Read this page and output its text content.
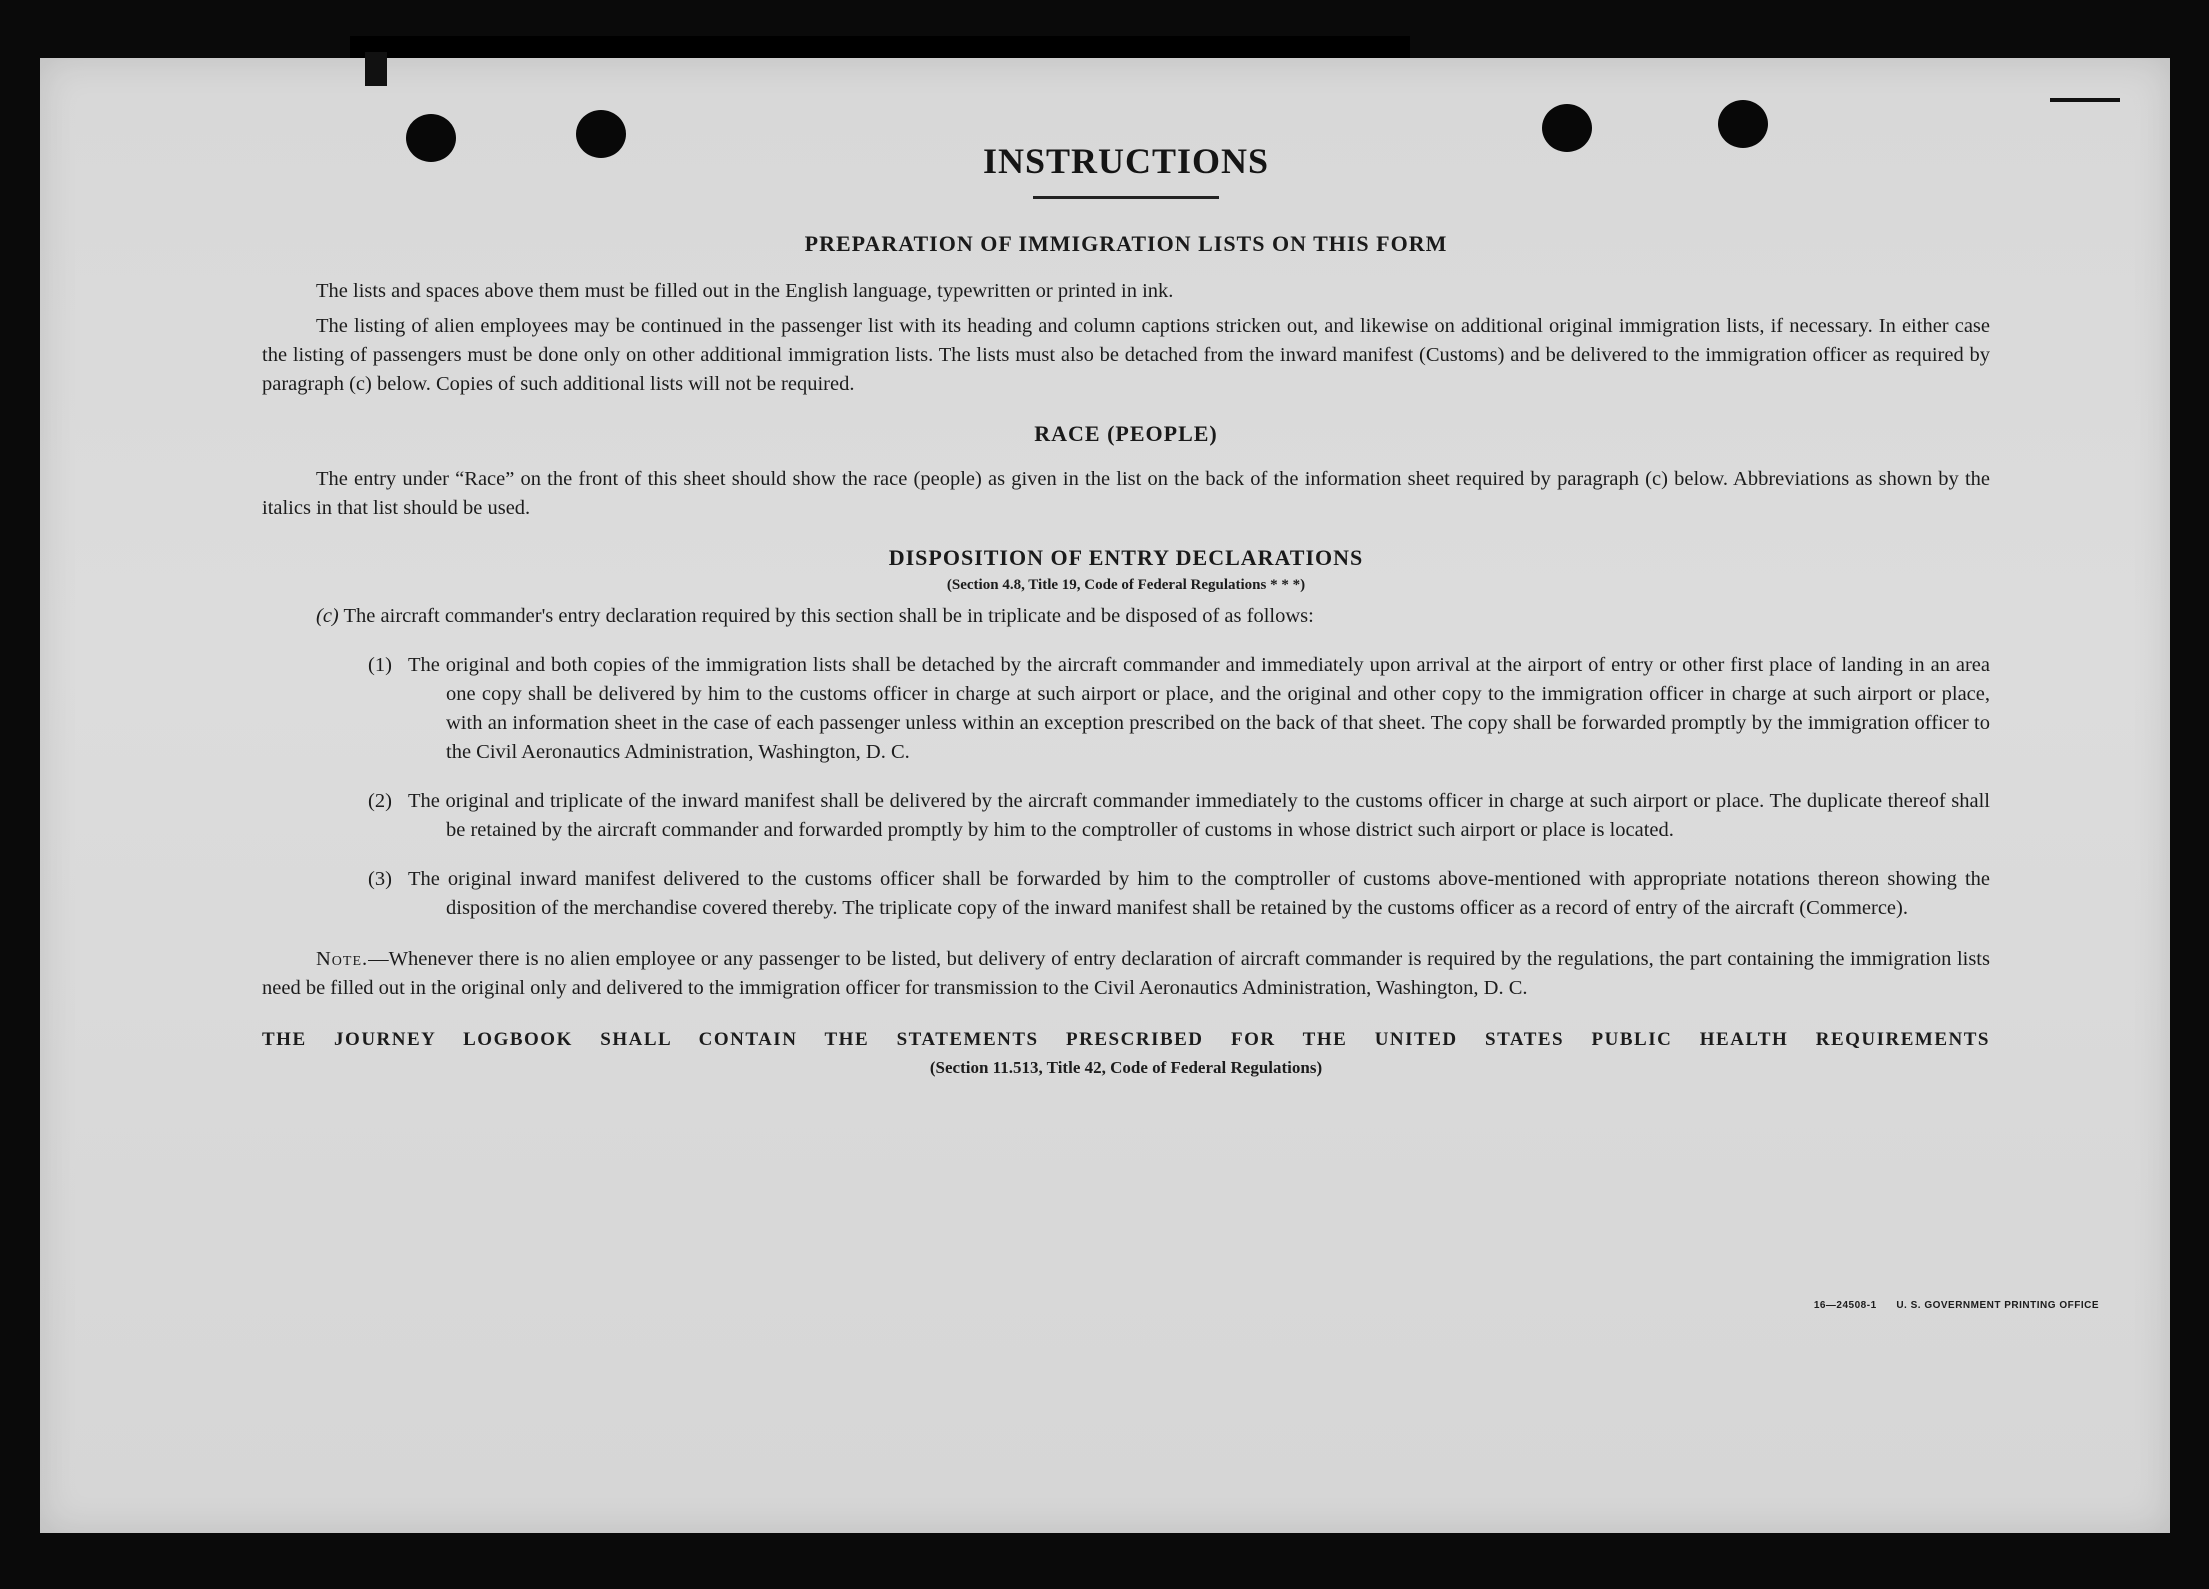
INSTRUCTIONS
PREPARATION OF IMMIGRATION LISTS ON THIS FORM

The lists and spaces above them must be filled out in the English language, typewritten or printed in ink.

The listing of alien employees may be continued in the passenger list with its heading and column captions stricken out, and likewise on additional original immigration lists, if necessary. In either case the listing of passengers must be done only on other additional immigration lists. The lists must also be detached from the inward manifest (Customs) and be delivered to the immigration officer as required by paragraph (c) below. Copies of such additional lists will not be required.

RACE (PEOPLE)

The entry under “Race” on the front of this sheet should show the race (people) as given in the list on the back of the information sheet required by paragraph (c) below. Abbreviations as shown by the italics in that list should be used.

DISPOSITION OF ENTRY DECLARATIONS
(Section 4.8, Title 19, Code of Federal Regulations * * *)

(c) The aircraft commander's entry declaration required by this section shall be in triplicate and be disposed of as follows:

(1) The original and both copies of the immigration lists shall be detached by the aircraft commander and immediately upon arrival at the airport of entry or other first place of landing in an area one copy shall be delivered by him to the customs officer in charge at such airport or place, and the original and other copy to the immigration officer in charge at such airport or place, with an information sheet in the case of each passenger unless within an exception prescribed on the back of that sheet. The copy shall be forwarded promptly by the immigration officer to the Civil Aeronautics Administration, Washington, D. C.

(2) The original and triplicate of the inward manifest shall be delivered by the aircraft commander immediately to the customs officer in charge at such airport or place. The duplicate thereof shall be retained by the aircraft commander and forwarded promptly by him to the comptroller of customs in whose district such airport or place is located.

(3) The original inward manifest delivered to the customs officer shall be forwarded by him to the comptroller of customs above-mentioned with appropriate notations thereon showing the disposition of the merchandise covered thereby. The triplicate copy of the inward manifest shall be retained by the customs officer as a record of entry of the aircraft (Commerce).

Note.—Whenever there is no alien employee or any passenger to be listed, but delivery of entry declaration of aircraft commander is required by the regulations, the part containing the immigration lists need be filled out in the original only and delivered to the immigration officer for transmission to the Civil Aeronautics Administration, Washington, D. C.

THE JOURNEY LOGBOOK SHALL CONTAIN THE STATEMENTS PRESCRIBED FOR THE UNITED STATES PUBLIC HEALTH REQUIREMENTS

(Section 11.513, Title 42, Code of Federal Regulations)
16—24508-1 U. S. GOVERNMENT PRINTING OFFICE
